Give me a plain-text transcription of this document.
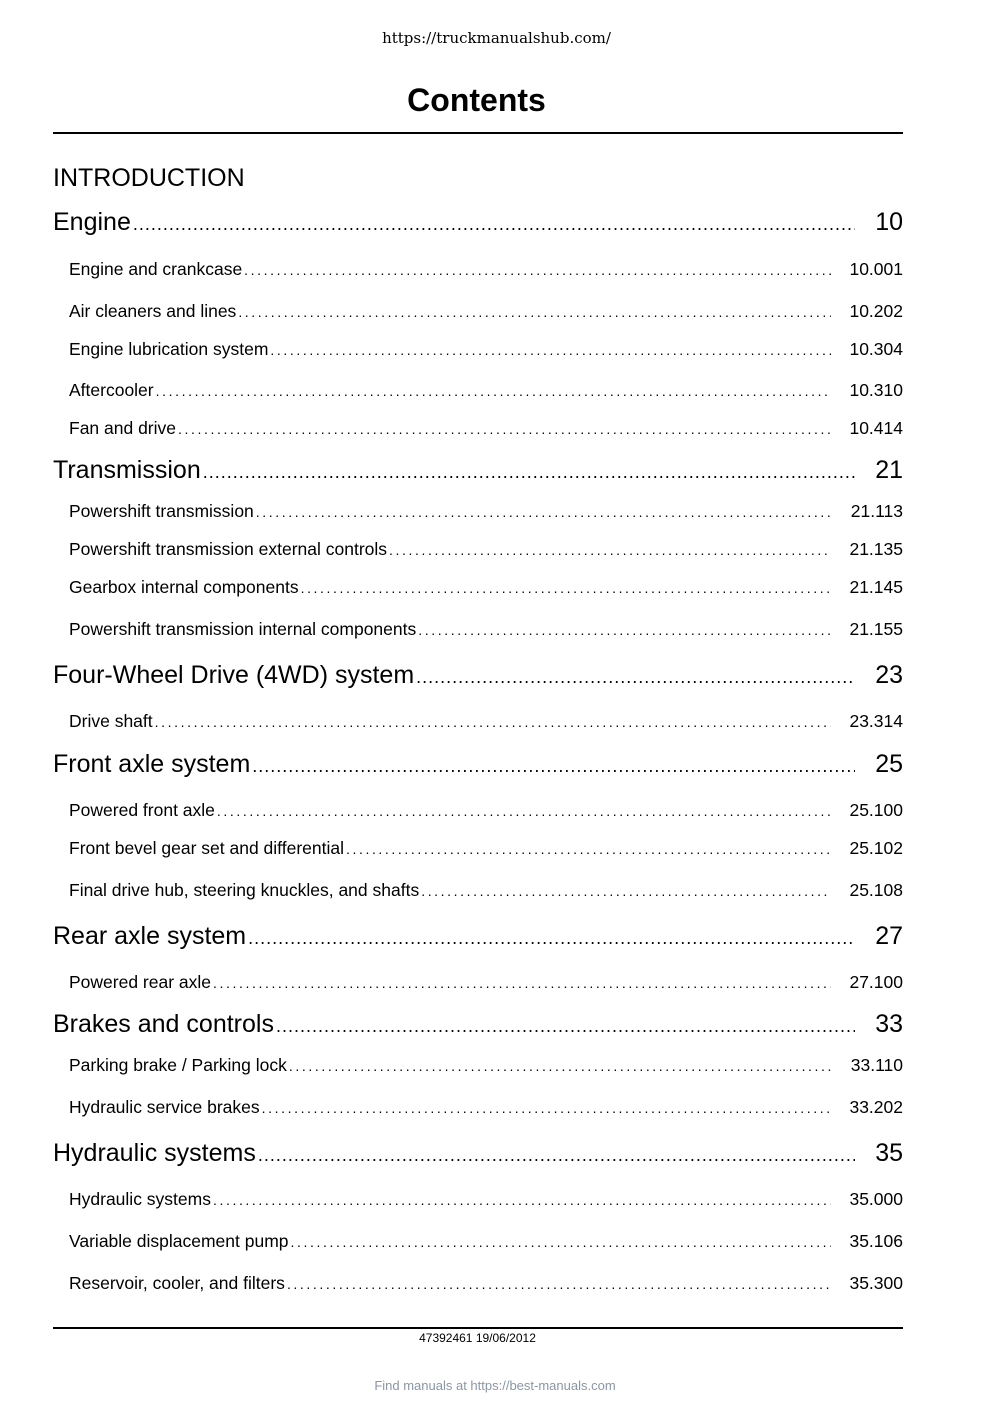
https://truckmanualshub.com/
Contents
INTRODUCTION
Engine .....	10
Engine and crankcase .....	10.001
Air cleaners and lines .....	10.202
Engine lubrication system .....	10.304
Aftercooler .....	10.310
Fan and drive .....	10.414
Transmission .....	21
Powershift transmission .....	21.113
Powershift transmission external controls .....	21.135
Gearbox internal components .....	21.145
Powershift transmission internal components .....	21.155
Four-Wheel Drive (4WD) system .....	23
Drive shaft .....	23.314
Front axle system .....	25
Powered front axle .....	25.100
Front bevel gear set and differential .....	25.102
Final drive hub, steering knuckles, and shafts .....	25.108
Rear axle system .....	27
Powered rear axle .....	27.100
Brakes and controls .....	33
Parking brake / Parking lock .....	33.110
Hydraulic service brakes .....	33.202
Hydraulic systems .....	35
Hydraulic systems .....	35.000
Variable displacement pump .....	35.106
Reservoir, cooler, and filters .....	35.300
47392461 19/06/2012
Find manuals at https://best-manuals.com
